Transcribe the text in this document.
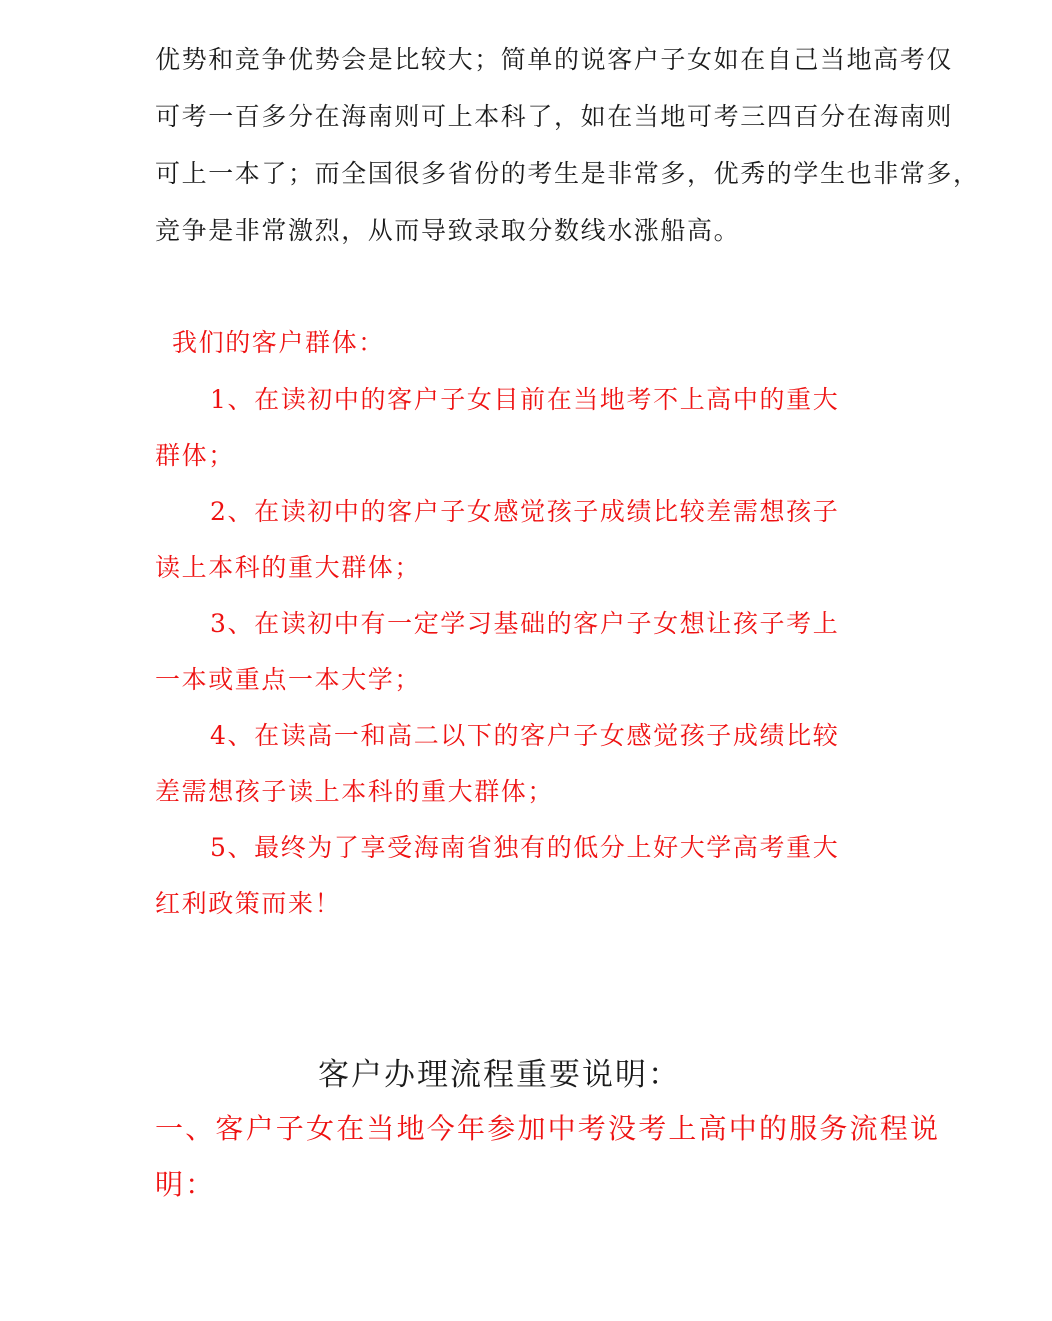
优势和竞争优势会是比较大；简单的说客户子女如在自己当地高考仅
可考一百多分在海南则可上本科了，如在当地可考三四百分在海南则
可上一本了；而全国很多省份的考生是非常多，优秀的学生也非常多，
竞争是非常激烈，从而导致录取分数线水涨船高。
我们的客户群体：
1、在读初中的客户子女目前在当地考不上高中的重大
群体；
2、在读初中的客户子女感觉孩子成绩比较差需想孩子
读上本科的重大群体；
3、在读初中有一定学习基础的客户子女想让孩子考上
一本或重点一本大学；
4、在读高一和高二以下的客户子女感觉孩子成绩比较
差需想孩子读上本科的重大群体；
5、最终为了享受海南省独有的低分上好大学高考重大
红利政策而来！
客户办理流程重要说明：
一、客户子女在当地今年参加中考没考上高中的服务流程说
明：
